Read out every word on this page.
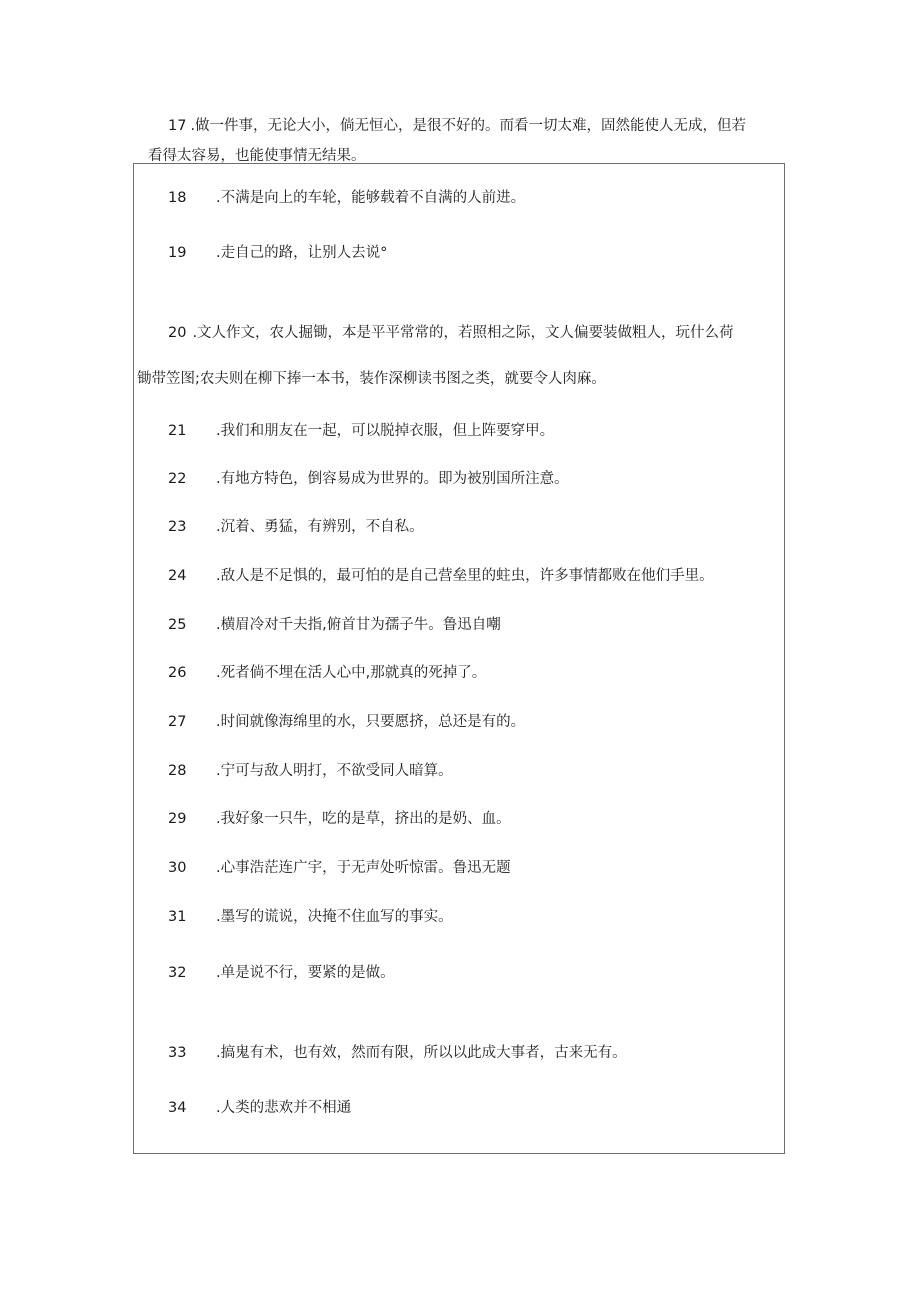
17 .做一件事，无论大小，倘无恒心，是很不好的。而看一切太难，固然能使人无成，但若
看得太容易，也能使事情无结果。

18	.不满是向上的车轮，能够载着不自满的人前进。
19	.走自己的路，让别人去说°
20 .文人作文，农人掘锄，本是平平常常的，若照相之际，文人偏要装做粗人，玩什么荷
锄带笠图;农夫则在柳下捧一本书，装作深柳读书图之类，就要令人肉麻。
21	.我们和朋友在一起，可以脱掉衣服，但上阵要穿甲。
22	.有地方特色，倒容易成为世界的。即为被别国所注意。
23	.沉着、勇猛，有辨别，不自私。
24	.敌人是不足惧的，最可怕的是自己营垒里的蛀虫，许多事情都败在他们手里。
25	.横眉冷对千夫指,俯首甘为孺子牛。鲁迅自嘲
26	.死者倘不埋在活人心中,那就真的死掉了。
27	.时间就像海绵里的水，只要愿挤，总还是有的。
28	.宁可与敌人明打，不欲受同人暗算。
29	.我好象一只牛，吃的是草，挤出的是奶、血。
30	.心事浩茫连广宇，于无声处听惊雷。鲁迅无题
31	.墨写的谎说，决掩不住血写的事实。
32	.单是说不行，要紧的是做。
33	.搞鬼有术，也有效，然而有限，所以以此成大事者，古来无有。
34	.人类的悲欢并不相通
